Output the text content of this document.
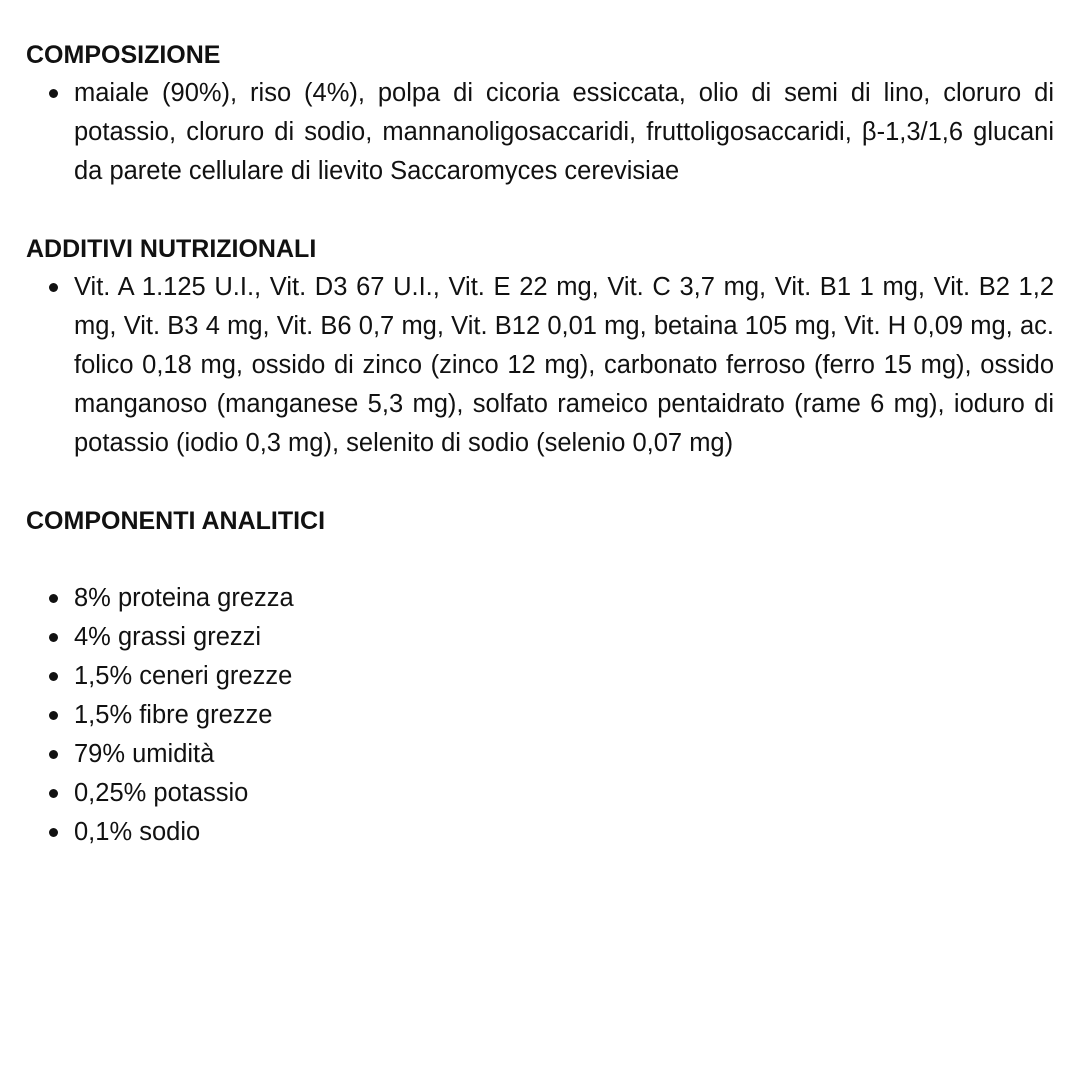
COMPOSIZIONE
maiale (90%), riso (4%), polpa di cicoria essiccata, olio di semi di lino, cloruro di potassio, cloruro di sodio, mannanoligosaccaridi, fruttoligosaccaridi, β-1,3/1,6 glucani da parete cellulare di lievito Saccaromyces cerevisiae
ADDITIVI NUTRIZIONALI
Vit. A 1.125 U.I., Vit. D3 67 U.I., Vit. E 22 mg, Vit. C 3,7 mg, Vit. B1 1 mg, Vit. B2 1,2 mg, Vit. B3 4 mg, Vit. B6 0,7 mg, Vit. B12 0,01 mg, betaina 105 mg, Vit. H 0,09 mg, ac. folico 0,18 mg, ossido di zinco (zinco 12 mg), carbonato ferroso (ferro 15 mg), ossido manganoso (manganese 5,3 mg), solfato rameico pentaidrato (rame 6 mg), ioduro di potassio (iodio 0,3 mg), selenito di sodio (selenio 0,07 mg)
COMPONENTI ANALITICI
8% proteina grezza
4% grassi grezzi
1,5% ceneri grezze
1,5% fibre grezze
79% umidità
0,25% potassio
0,1% sodio
